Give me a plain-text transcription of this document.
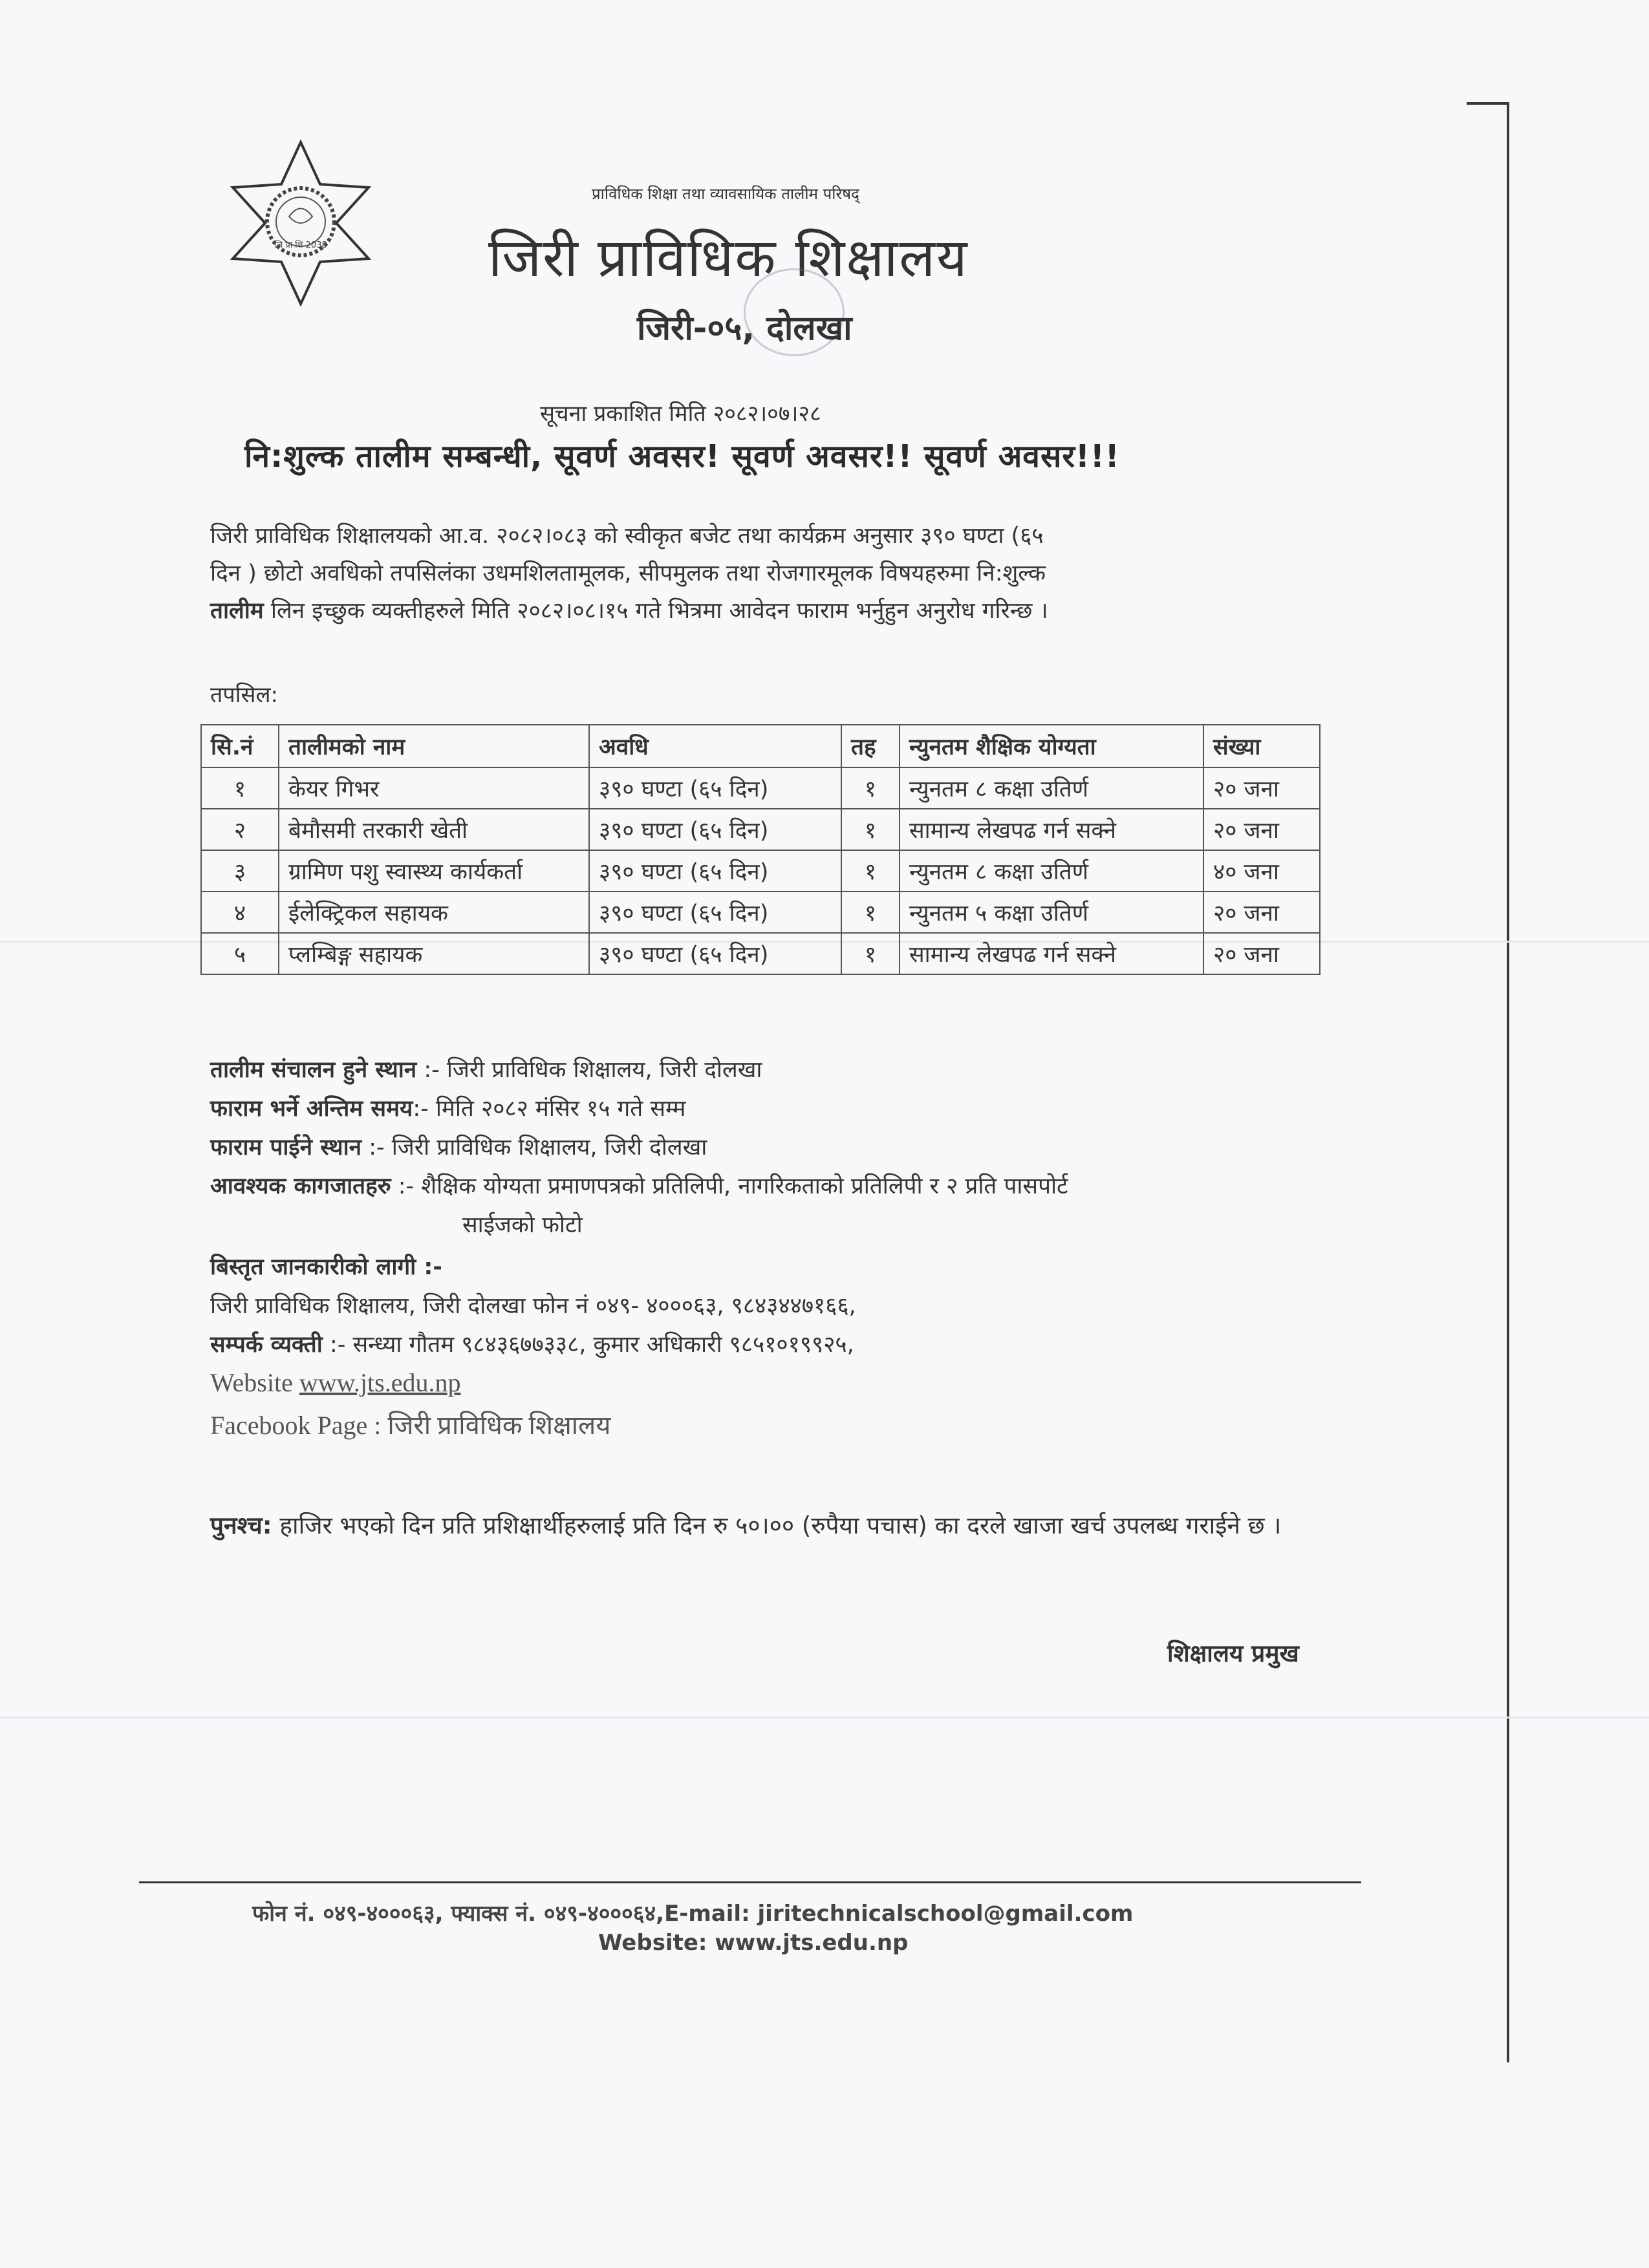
जि प्रा शि 2038
प्राविधिक शिक्षा तथा व्यावसायिक तालीम परिषद्
जिरी प्राविधिक शिक्षालय
जिरी-०५, दोलखा
सूचना प्रकाशित मिति २०८२।०७।२८
नि:शुल्क तालीम सम्बन्धी, सूवर्ण अवसर! सूवर्ण अवसर!! सूवर्ण अवसर!!!
जिरी प्राविधिक शिक्षालयको आ.व. २०८२।०८३ को स्वीकृत बजेट तथा कार्यक्रम अनुसार ३९० घण्टा (६५
दिन ) छोटो अवधिको तपसिलंका उधमशिलतामूलक, सीपमुलक तथा रोजगारमूलक विषयहरुमा नि:शुल्क
तालीम लिन इच्छुक व्यक्तीहरुले मिति २०८२।०८।१५ गते भित्रमा आवेदन फाराम भर्नुहुन अनुरोध गरिन्छ ।
तपसिल:
सि.नं	तालीमको नाम	अवधि	तह	न्युनतम शैक्षिक योग्यता	संख्या
१	केयर गिभर	३९० घण्टा (६५ दिन)	१	न्युनतम ८ कक्षा उतिर्ण	२० जना
२	बेमौसमी तरकारी खेती	३९० घण्टा (६५ दिन)	१	सामान्य लेखपढ गर्न सक्ने	२० जना
३	ग्रामिण पशु स्वास्थ्य कार्यकर्ता	३९० घण्टा (६५ दिन)	१	न्युनतम ८ कक्षा उतिर्ण	४० जना
४	ईलेक्ट्रिकल सहायक	३९० घण्टा (६५ दिन)	१	न्युनतम ५ कक्षा उतिर्ण	२० जना
५	प्लम्बिङ्ग सहायक	३९० घण्टा (६५ दिन)	१	सामान्य लेखपढ गर्न सक्ने	२० जना
तालीम संचालन हुने स्थान :- जिरी प्राविधिक शिक्षालय, जिरी दोलखा
फाराम भर्ने अन्तिम समय:- मिति २०८२ मंसिर १५ गते सम्म
फाराम पाईने स्थान :- जिरी प्राविधिक शिक्षालय, जिरी दोलखा
आवश्यक कागजातहरु :- शैक्षिक योग्यता प्रमाणपत्रको प्रतिलिपी, नागरिकताको प्रतिलिपी र २ प्रति पासपोर्ट
साईजको फोटो
बिस्तृत जानकारीको लागी :-
जिरी प्राविधिक शिक्षालय, जिरी दोलखा फोन नं ०४९- ४०००६३, ९८४३४४७१६६,
सम्पर्क व्यक्ती :- सन्ध्या गौतम ९८४३६७७३३८, कुमार अधिकारी ९८५१०१९९२५,
Website www.jts.edu.np
Facebook Page : जिरी प्राविधिक शिक्षालय
पुनश्च: हाजिर भएको दिन प्रति प्रशिक्षार्थीहरुलाई प्रति दिन रु ५०।०० (रुपैया पचास) का दरले खाजा खर्च उपलब्ध गराईने छ ।
शिक्षालय प्रमुख
फोन नं. ०४९-४०००६३, फ्याक्स नं. ०४९-४०००६४,E-mail: jiritechnicalschool@gmail.com
Website: www.jts.edu.np
